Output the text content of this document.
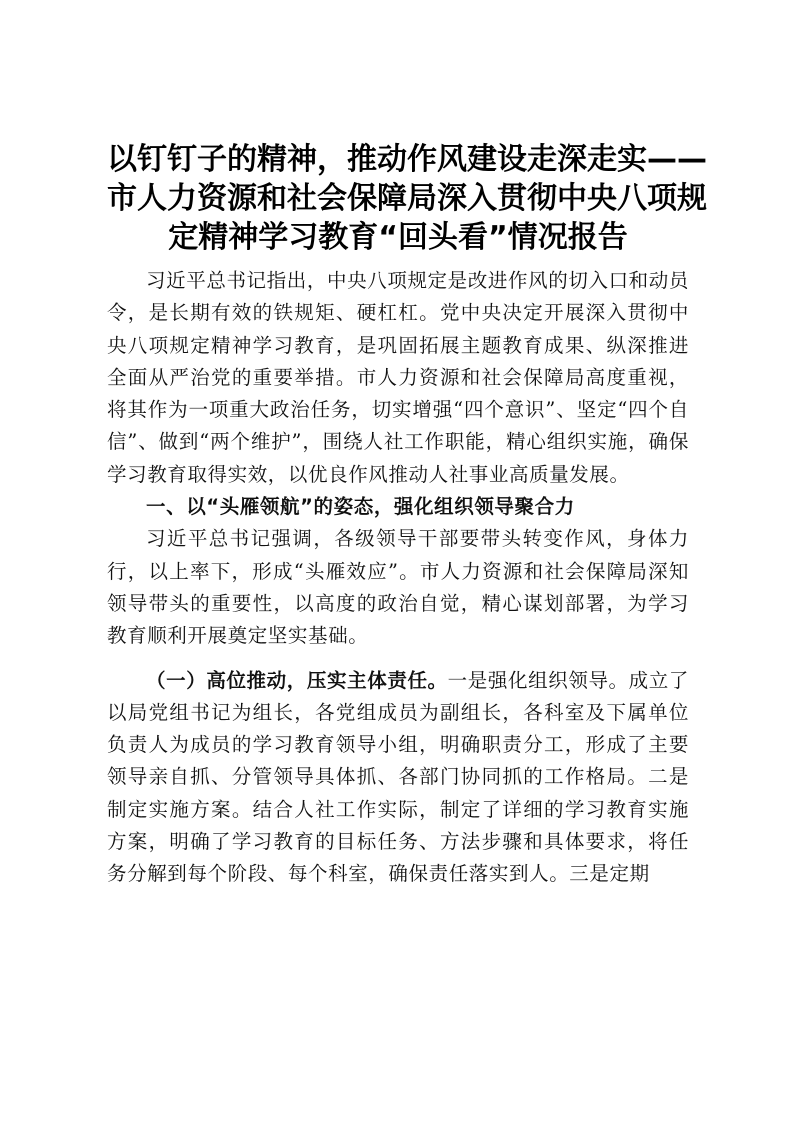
以钉钉子的精神，推动作风建设走深走实——
市人力资源和社会保障局深入贯彻中央八项规
定精神学习教育“回头看”情况报告

习近平总书记指出，中央八项规定是改进作风的切入口和动员令，是长期有效的铁规矩、硬杠杠。党中央决定开展深入贯彻中央八项规定精神学习教育，是巩固拓展主题教育成果、纵深推进全面从严治党的重要举措。市人力资源和社会保障局高度重视，将其作为一项重大政治任务，切实增强“四个意识”、坚定“四个自信”、做到“两个维护”，围绕人社工作职能，精心组织实施，确保学习教育取得实效，以优良作风推动人社事业高质量发展。

一、以“头雁领航”的姿态，强化组织领导聚合力

习近平总书记强调，各级领导干部要带头转变作风，身体力行，以上率下，形成“头雁效应”。市人力资源和社会保障局深知领导带头的重要性，以高度的政治自觉，精心谋划部署，为学习教育顺利开展奠定坚实基础。

（一）高位推动，压实主体责任。一是强化组织领导。成立了以局党组书记为组长，各党组成员为副组长，各科室及下属单位负责人为成员的学习教育领导小组，明确职责分工，形成了主要领导亲自抓、分管领导具体抓、各部门协同抓的工作格局。二是制定实施方案。结合人社工作实际，制定了详细的学习教育实施方案，明确了学习教育的目标任务、方法步骤和具体要求，将任务分解到每个阶段、每个科室，确保责任落实到人。三是定期
